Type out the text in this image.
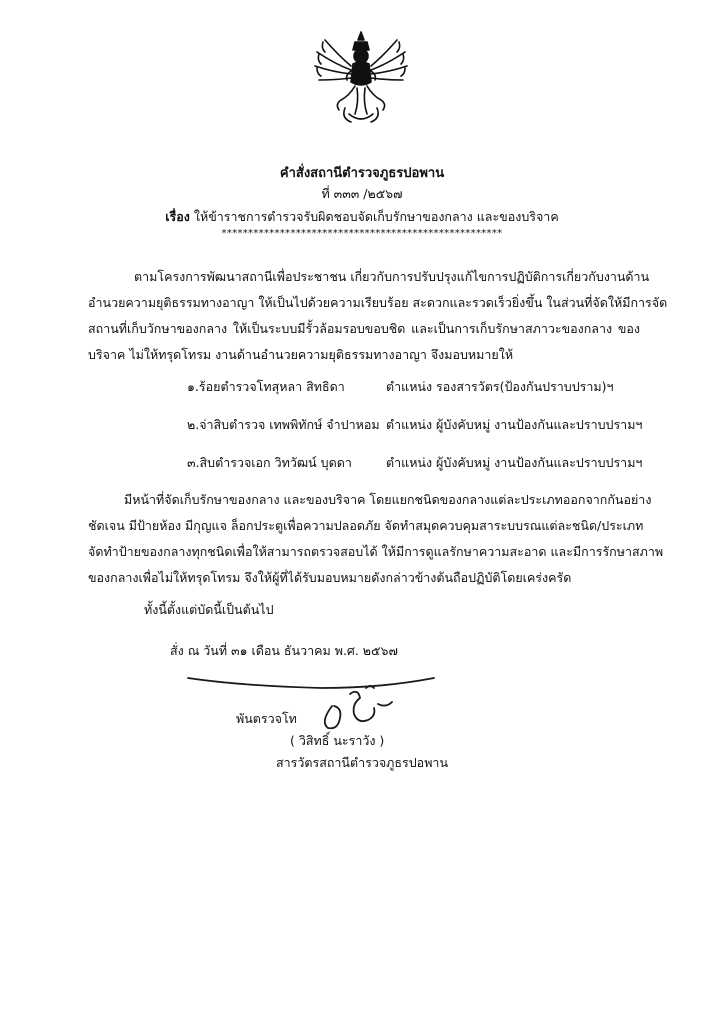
คำสั่งสถานีตำรวจภูธรปอพาน
ที่ ๓๓๓ /๒๕๖๗
เรื่อง ให้ข้าราชการตำรวจรับผิดชอบจัดเก็บรักษาของกลาง และของบริจาค
*****************************************************
ตามโครงการพัฒนาสถานีเพื่อประชาชน เกี่ยวกับการปรับปรุงแก้ไขการปฏิบัติการเกี่ยวกับงานด้าน
อำนวยความยุติธรรมทางอาญา ให้เป็นไปด้วยความเรียบร้อย สะดวกและรวดเร็วยิ่งขึ้น ในส่วนที่จัดให้มีการจัด
สถานที่เก็บวักษาของกลาง ให้เป็นระบบมีรั้วล้อมรอบขอบชิด และเป็นการเก็บรักษาสภาวะของกลาง ของ
บริจาค ไม่ให้ทรุดโทรม งานด้านอำนวยความยุติธรรมทางอาญา จึงมอบหมายให้
๑.ร้อยตำรวจโทสุหลา สิทธิดา	ตำแหน่ง รองสารวัตร(ป้องกันปราบปราม)ฯ
๒.จ่าสิบตำรวจ เทพพิทักษ์ จำปาหอม ตำแหน่ง ผู้บังคับหมู่ งานป้องกันและปราบปรามฯ
๓.สิบตำรวจเอก วิทวัฒน์ บุดดา	ตำแหน่ง ผู้บังคับหมู่ งานป้องกันและปราบปรามฯ
มีหน้าที่จัดเก็บรักษาของกลาง และของบริจาค โดยแยกชนิดของกลางแต่ละประเภทออกจากกันอย่าง
ชัดเจน มีป้ายห้อง มีกุญแจ ล็อกประตูเพื่อความปลอดภัย จัดทำสมุดควบคุมสาระบบรณแต่ละชนิด/ประเภท
จัดทำป้ายของกลางทุกชนิดเพื่อให้สามารถตรวจสอบได้ ให้มีการดูแลรักษาความสะอาด และมีการรักษาสภาพ
ของกลางเพื่อไม่ให้ทรุดโทรม จึงให้ผู้ที่ได้รับมอบหมายดังกล่าวข้างต้นถือปฏิบัติโดยเคร่งครัด
ทั้งนี้ตั้งแต่บัดนี้เป็นต้นไป
สั่ง ณ วันที่ ๓๑ เดือน ธันวาคม พ.ศ. ๒๕๖๗
พันตรวจโท
( วิสิทธิ์ นะราวัง )
สารวัตรสถานีตำรวจภูธรปอพาน
